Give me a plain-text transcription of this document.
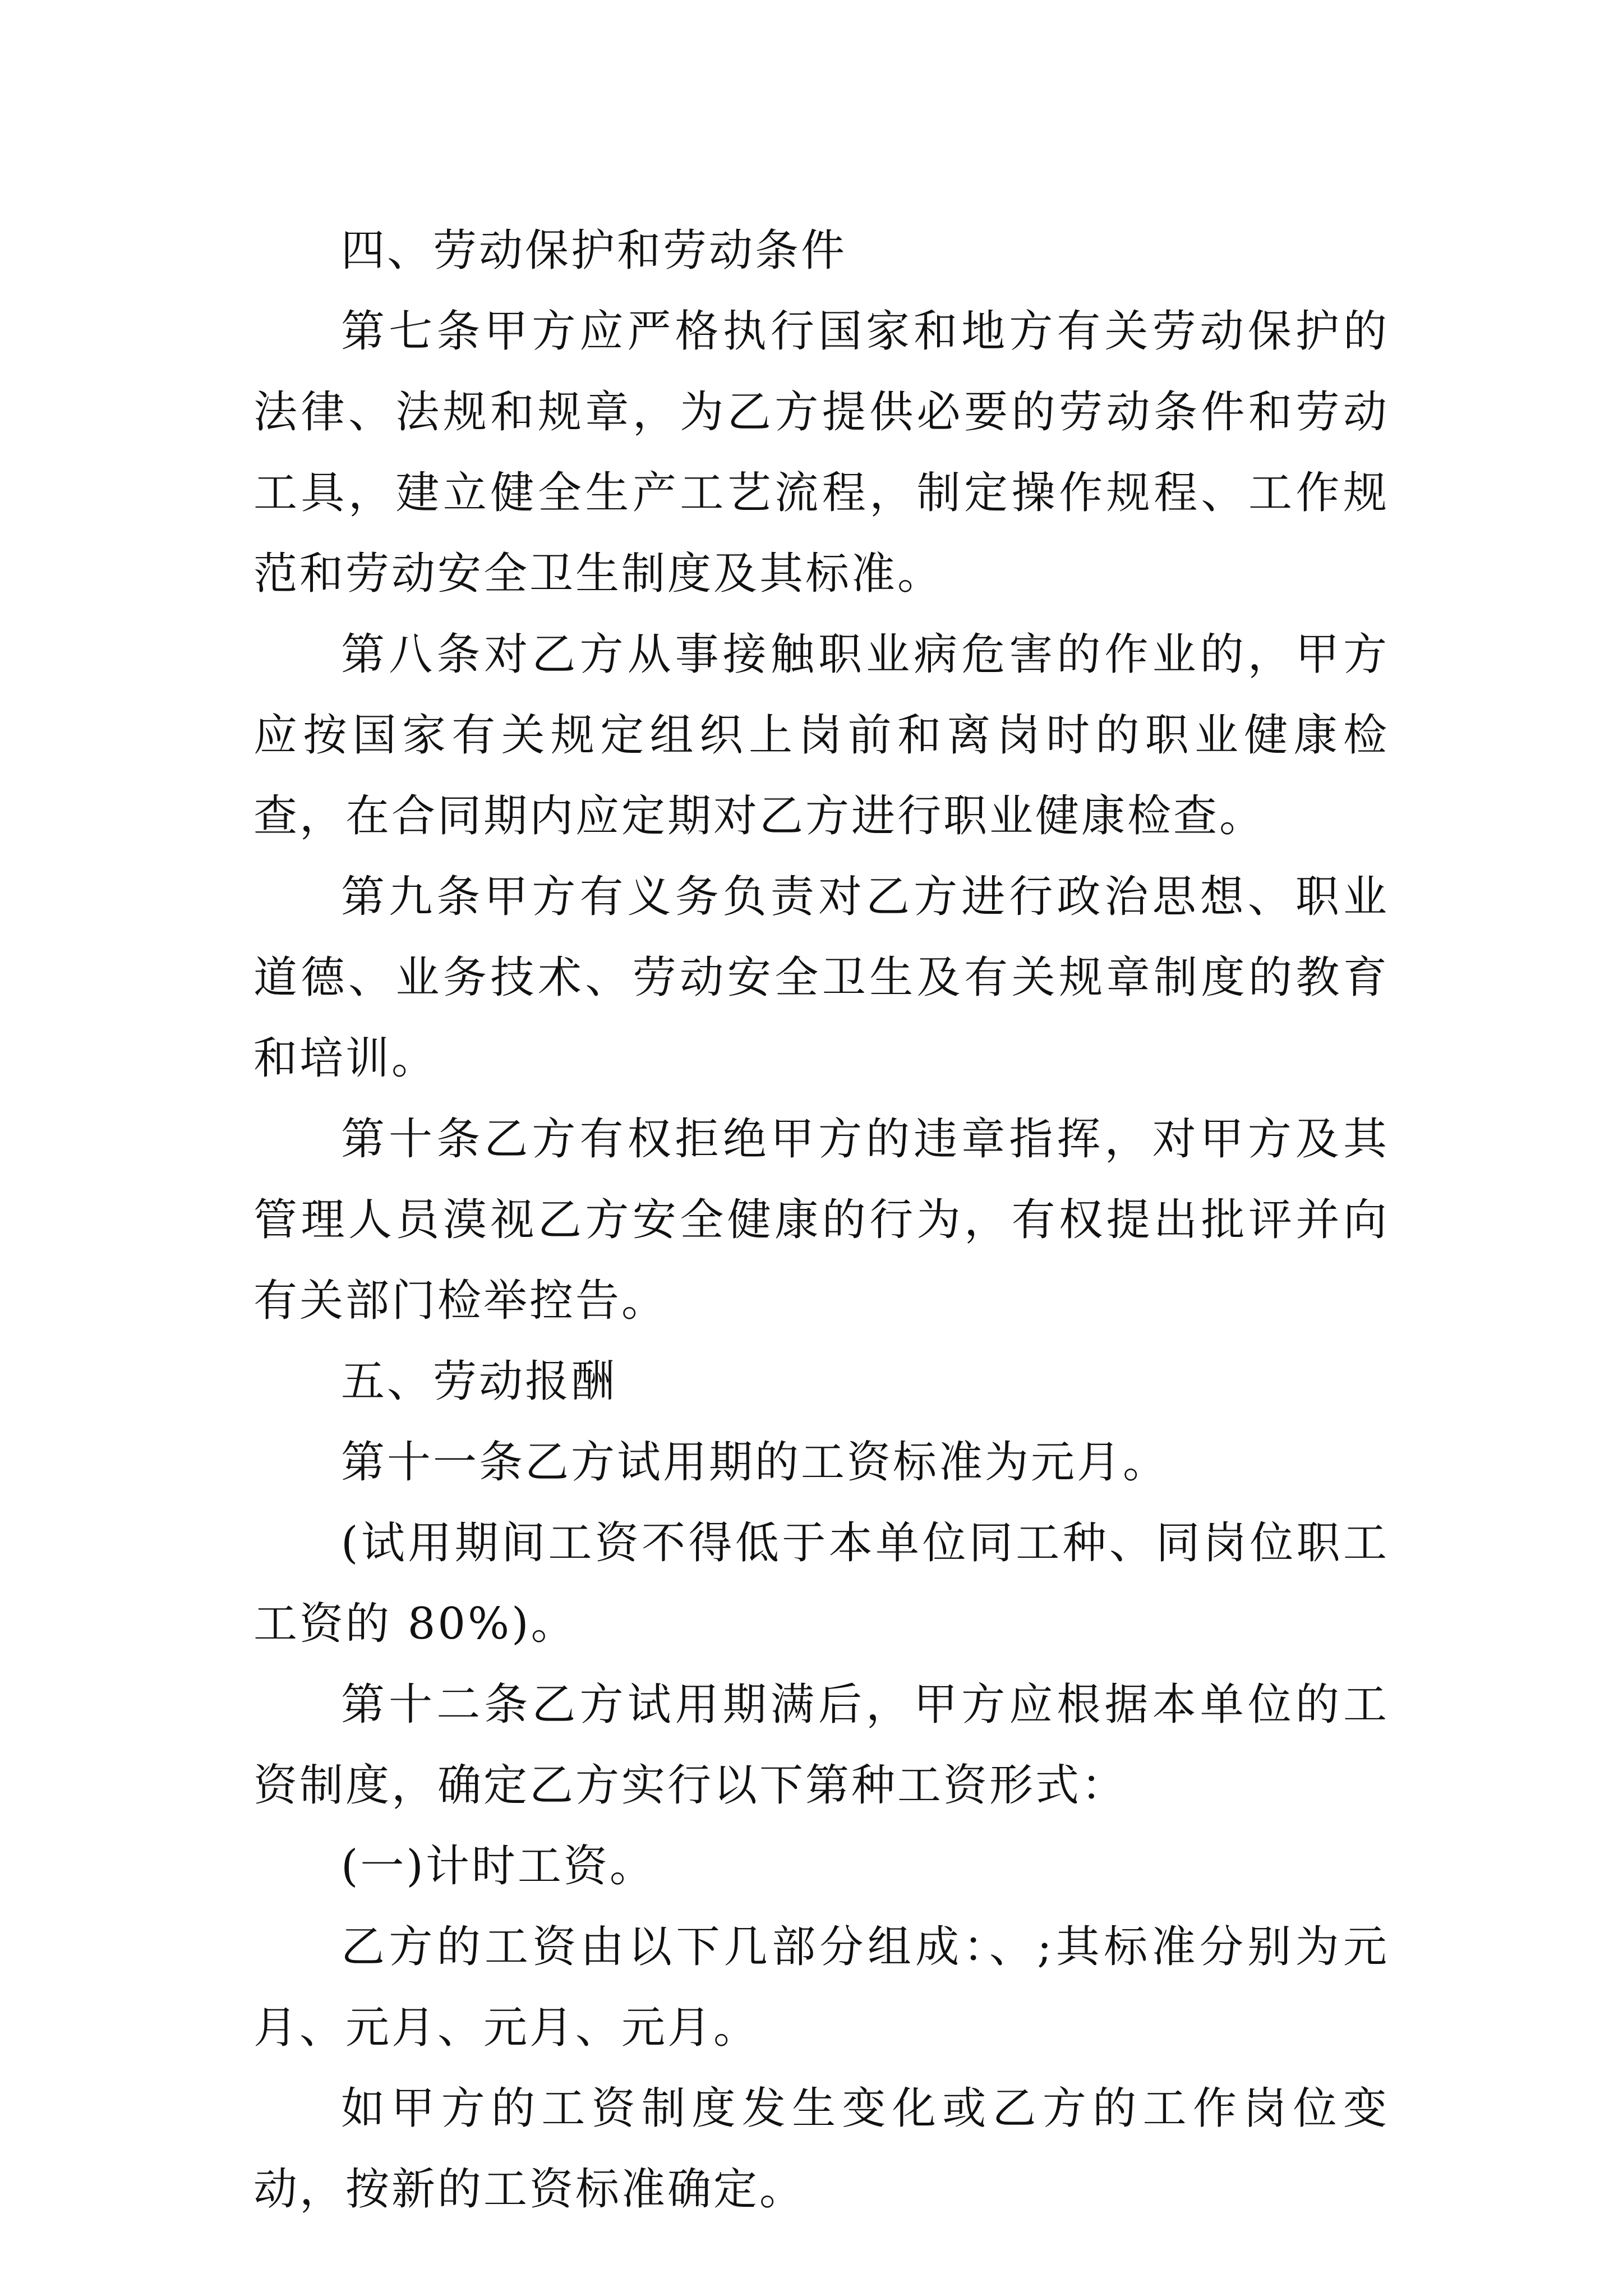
四、劳动保护和劳动条件

第七条甲方应严格执行国家和地方有关劳动保护的法律、法规和规章，为乙方提供必要的劳动条件和劳动工具，建立健全生产工艺流程，制定操作规程、工作规范和劳动安全卫生制度及其标准。

第八条对乙方从事接触职业病危害的作业的，甲方应按国家有关规定组织上岗前和离岗时的职业健康检查，在合同期内应定期对乙方进行职业健康检查。

第九条甲方有义务负责对乙方进行政治思想、职业道德、业务技术、劳动安全卫生及有关规章制度的教育和培训。

第十条乙方有权拒绝甲方的违章指挥，对甲方及其管理人员漠视乙方安全健康的行为，有权提出批评并向有关部门检举控告。

五、劳动报酬

第十一条乙方试用期的工资标准为元月。

(试用期间工资不得低于本单位同工种、同岗位职工工资的 80%)。

第十二条乙方试用期满后，甲方应根据本单位的工资制度，确定乙方实行以下第种工资形式：

(一)计时工资。

乙方的工资由以下几部分组成：、;其标准分别为元月、元月、元月、元月。

如甲方的工资制度发生变化或乙方的工作岗位变动，按新的工资标准确定。
